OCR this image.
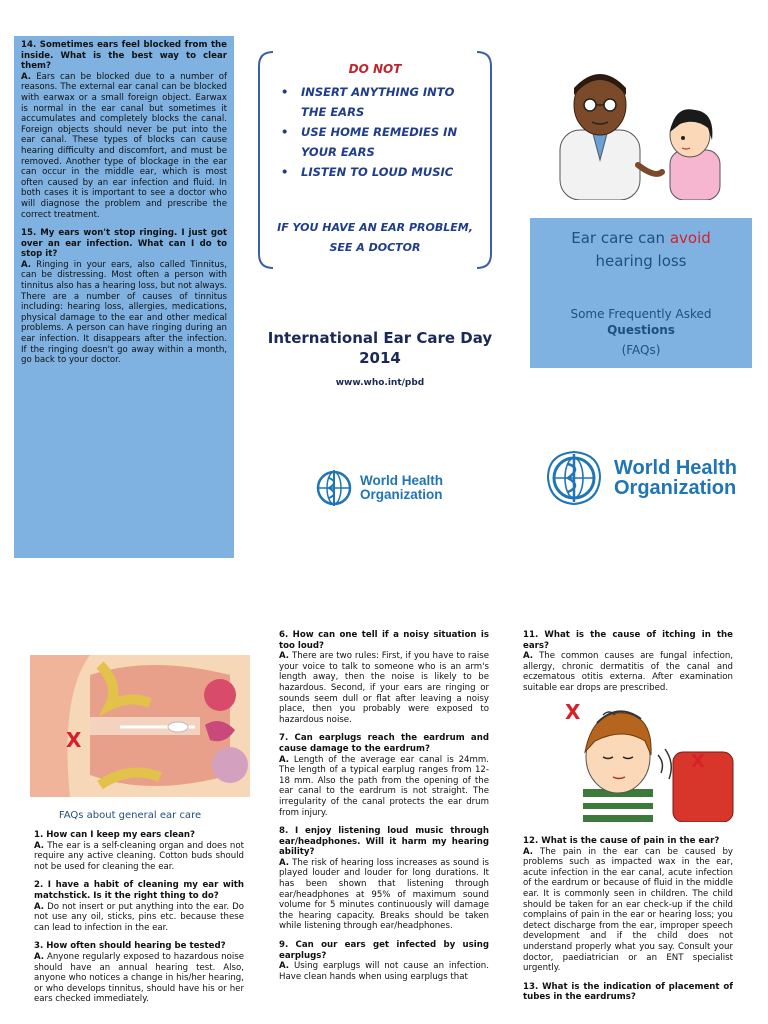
14. Sometimes ears feel blocked from the inside. What is the best way to clear them?
A. Ears can be blocked due to a number of reasons. The external ear canal can be blocked with earwax or a small foreign object. Earwax is normal in the ear canal but sometimes it accumulates and completely blocks the canal. Foreign objects should never be put into the ear canal. These types of blocks can cause hearing difficulty and discomfort, and must be removed. Another type of blockage in the ear can occur in the middle ear, which is most often caused by an ear infection and fluid. In both cases it is important to see a doctor who will diagnose the problem and prescribe the correct treatment.

15. My ears won't stop ringing. I just got over an ear infection. What can I do to stop it?
A. Ringing in your ears, also called Tinnitus, can be distressing. Most often a person with tinnitus also has a hearing loss, but not always. There are a number of causes of tinnitus including: hearing loss, allergies, medications, physical damage to the ear and other medical problems. A person can have ringing during an ear infection. It disappears after the infection. If the ringing doesn't go away within a month, go back to your doctor.

DO NOT
•	INSERT ANYTHING INTO THE EARS
•	USE HOME REMEDIES IN YOUR EARS
•	LISTEN TO LOUD MUSIC
IF YOU HAVE AN EAR PROBLEM,
SEE A DOCTOR
International Ear Care Day
2014
www.who.int/pbd
World Health
Organization
Ear care can avoid
hearing loss
Some Frequently Asked
Questions
(FAQs)
World Health
Organization
X
FAQs about general ear care

1. How can I keep my ears clean?
A. The ear is a self-cleaning organ and does not require any active cleaning. Cotton buds should not be used for cleaning the ear.

2. I have a habit of cleaning my ear with matchstick. Is it the right thing to do?
A. Do not insert or put anything into the ear. Do not use any oil, sticks, pins etc. because these can lead to infection in the ear.

3. How often should hearing be tested?
A. Anyone regularly exposed to hazardous noise should have an annual hearing test. Also, anyone who notices a change in his/her hearing, or who develops tinnitus, should have his or her ears checked immediately.

6. How can one tell if a noisy situation is too loud?
A. There are two rules: First, if you have to raise your voice to talk to someone who is an arm's length away, then the noise is likely to be hazardous. Second, if your ears are ringing or sounds seem dull or flat after leaving a noisy place, then you probably were exposed to hazardous noise.

7. Can earplugs reach the eardrum and cause damage to the eardrum?
A. Length of the average ear canal is 24mm. The length of a typical earplug ranges from 12-18 mm. Also the path from the opening of the ear canal to the eardrum is not straight. The irregularity of the canal protects the ear drum from injury.

8. I enjoy listening loud music through ear/headphones. Will it harm my hearing ability?
A. The risk of hearing loss increases as sound is played louder and louder for long durations. It has been shown that listening through ear/headphones at 95% of maximum sound volume for 5 minutes continuously will damage the hearing capacity. Breaks should be taken while listening through ear/headphones.

9. Can our ears get infected by using earplugs?
A. Using earplugs will not cause an infection. Have clean hands when using earplugs that

11. What is the cause of itching in the ears?
A. The common causes are fungal infection, allergy, chronic dermatitis of the canal and eczematous otitis externa. After examination suitable ear drops are prescribed.

X
X

12. What is the cause of pain in the ear?
A. The pain in the ear can be caused by problems such as impacted wax in the ear, acute infection in the ear canal, acute infection of the eardrum or because of fluid in the middle ear. It is commonly seen in children. The child should be taken for an ear check-up if the child complains of pain in the ear or hearing loss; you detect discharge from the ear, improper speech development and if the child does not understand properly what you say. Consult your doctor, paediatrician or an ENT specialist urgently.

13. What is the indication of placement of tubes in the eardrums?
